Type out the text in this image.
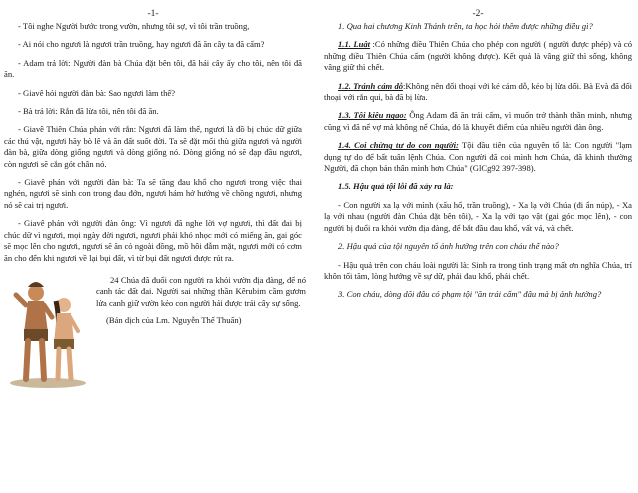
-1-

- Tôi nghe Người bước trong vườn, nhưng tôi sợ, vì tôi trần truồng,

- Ai nói cho ngươi là ngươi trần truồng, hay ngươi đã ăn cây ta đã cấm?

- Adam trả lời: Người đàn bà Chúa đặt bên tôi, đã hái cây ấy cho tôi, nên tôi đã ăn.

- Giavê hỏi người đàn bà: Sao ngươi làm thế?

- Bà trả lời: Rắn đã lừa tôi, nên tôi đã ăn.

- Giavê Thiên Chúa phán với rắn: Ngươi đã làm thế, ngươi là đồ bị chúc dữ giữa các thú vật, ngươi hãy bò lê và ăn đất suốt đời. Ta sẽ đặt mối thù giữa ngươi và người đàn bà, giữa dòng giống ngươi và dòng giống nó. Dòng giống nó sẽ đạp đầu ngươi, còn ngươi sẽ cắn gót chân nó.

- Giavê phán với người đàn bà: Ta sẽ tăng đau khổ cho ngươi trong việc thai nghén, ngươi sẽ sinh con trong đau đớn, ngươi hám hở hướng về chồng ngươi, nhưng nó sẽ cai trị ngươi.

- Giavê phán với người đàn ông: Vì ngươi đã nghe lời vợ ngươi, thì đất đai bị chúc dữ vì ngươi, mọi ngày đời ngươi, ngươi phải khó nhọc mới có miếng ăn, gai góc sẽ mọc lên cho ngươi, ngươi sẽ ăn cỏ ngoài đồng, mồ hôi đẫm mặt, ngươi mới có cơm ăn cho đến khi ngươi về lại bụi đất, vì từ bụi đất ngươi được rút ra.

24 Chúa đã đuổi con người ra khỏi vườn địa đàng, để nó canh tác đất đai. Người sai những thần Kêrubim cầm gươm lửa canh giữ vườn kẻo con người hái được trái cây sự sống.

(Bản dịch của Lm. Nguyễn Thế Thuấn)

-2-

1. Qua hai chương Kinh Thánh trên, ta học hỏi thêm được những điều gì?

1.1. Luật :Có những điều Thiên Chúa cho phép con người ( người được phép) và có những điều Thiên Chúa cấm (người không được). Kết quả là vâng giữ thì sống, không vâng giữ thì chết.

1.2. Tránh cám dỗ:Không nên đối thoại với kẻ cám dỗ, kẻo bị lừa dối. Bà Evà đã đối thoại với rắn qui, bà đã bị lừa.

1.3. Tội kiêu ngạo: Ông Adam đã ăn trái cấm, vì muốn trở thành thần minh, nhưng cũng vì đã nể vợ mà không nể Chúa, đó là khuyết điểm của nhiều người đàn ông.

1.4. Coi chừng tự do con người: Tội đầu tiên của nguyên tổ là: Con người "lạm dụng tự do để bất tuân lệnh Chúa. Con người đã coi mình hơn Chúa, đã khinh thường Người, đã chọn bản thân mình hơn Chúa" (GlCg92 397-398).

1.5. Hậu quả tội lỗi đã xảy ra là:

- Con người xa lạ với mình (xấu hổ, trần truồng), - Xa lạ với Chúa (đi ẩn núp), - Xa lạ với nhau (người đàn Chúa đặt bên tôi), - Xa lạ với tạo vật (gai góc mọc lên), - con người bị đuổi ra khỏi vườn địa đàng, để bắt đầu đau khổ, vất vả, và chết.

2. Hậu quả của tội nguyên tổ ảnh hưởng trên con cháu thế nào?

- Hậu quả trên con cháu loài người là: Sinh ra trong tình trạng mất ơn nghĩa Chúa, trí khôn tối tăm, lòng hướng về sự dữ, phải đau khổ, phải chết.

3. Con cháu, dòng dõi đâu có phạm tội "ăn trái cấm" đâu mà bị ảnh hưởng?
